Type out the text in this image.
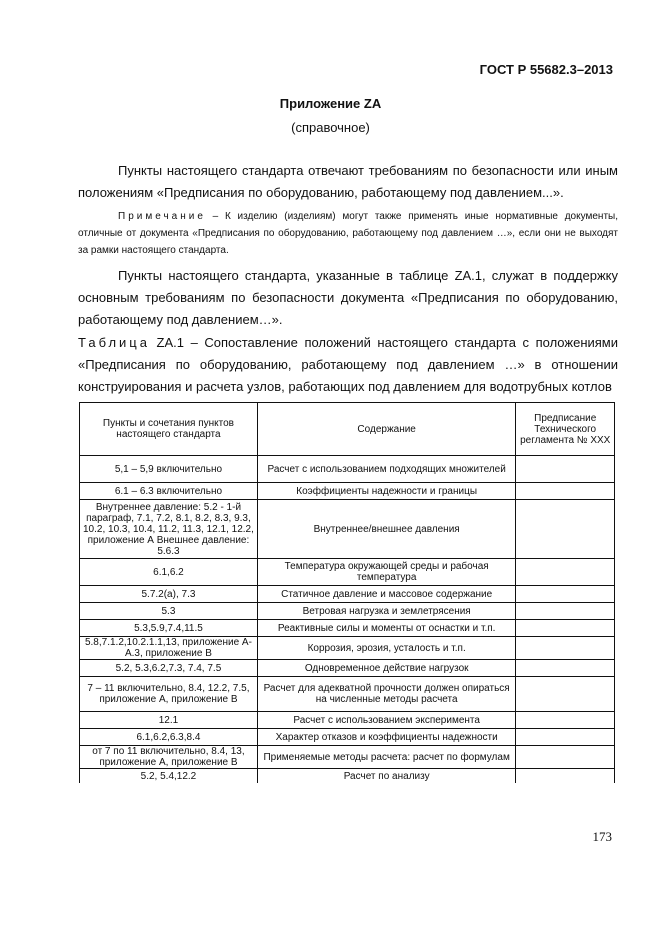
ГОСТ Р 55682.3–2013
Приложение ZA
(справочное)

Пункты настоящего стандарта отвечают требованиям по безопасности или иным положениям «Предписания по оборудованию, работающему под давлением...».

Примечание – К изделию (изделиям) могут также применять иные нормативные документы, отличные от документа «Предписания по оборудованию, работающему под давлением …», если они не выходят за рамки настоящего стандарта.

Пункты настоящего стандарта, указанные в таблице ZA.1, служат в поддержку основным требованиям по безопасности документа «Предписания по оборудованию, работающему под давлением…».

Таблица ZA.1 – Сопоставление положений настоящего стандарта с положениями «Предписания по оборудованию, работающему под давлением …» в отношении конструирования и расчета узлов, работающих под давлением для водотрубных котлов

Пункты и сочетания пунктов настоящего стандарта	Содержание	Предписание Технического регламента № XXX
5,1 – 5,9 включительно	Расчет с использованием подходящих множителей	
6.1 – 6.3 включительно	Коэффициенты надежности и границы	
Внутреннее давление: 5.2 - 1-й параграф, 7.1, 7.2, 8.1, 8.2, 8.3, 9.3, 10.2, 10.3, 10.4, 11.2, 11.3, 12.1, 12.2, приложение А Внешнее давление: 5.6.3	Внутреннее/внешнее давления	
6.1,6.2	Температура окружающей среды и рабочая температура	
5.7.2(а), 7.3	Статичное давление и массовое содержание	
5.3	Ветровая нагрузка и землетрясения	
5.3,5.9,7.4,11.5	Реактивные силы и моменты от оснастки и т.п.	
5.8,7.1.2,10.2.1.1,13, приложение А-А.3, приложение В	Коррозия, эрозия, усталость и т.п.	
5.2, 5.3,6.2,7.3, 7.4, 7.5	Одновременное действие нагрузок	
7 – 11 включительно, 8.4, 12.2, 7.5, приложение А, приложение В	Расчет для адекватной прочности должен опираться на численные методы расчета	
12.1	Расчет с использованием эксперимента	
6.1,6.2,6.3,8.4	Характер отказов и коэффициенты надежности	
от 7 по 11 включительно, 8.4, 13, приложение А, приложение В	Применяемые методы расчета: расчет по формулам	
5.2, 5.4,12.2	Расчет по анализу	
173
